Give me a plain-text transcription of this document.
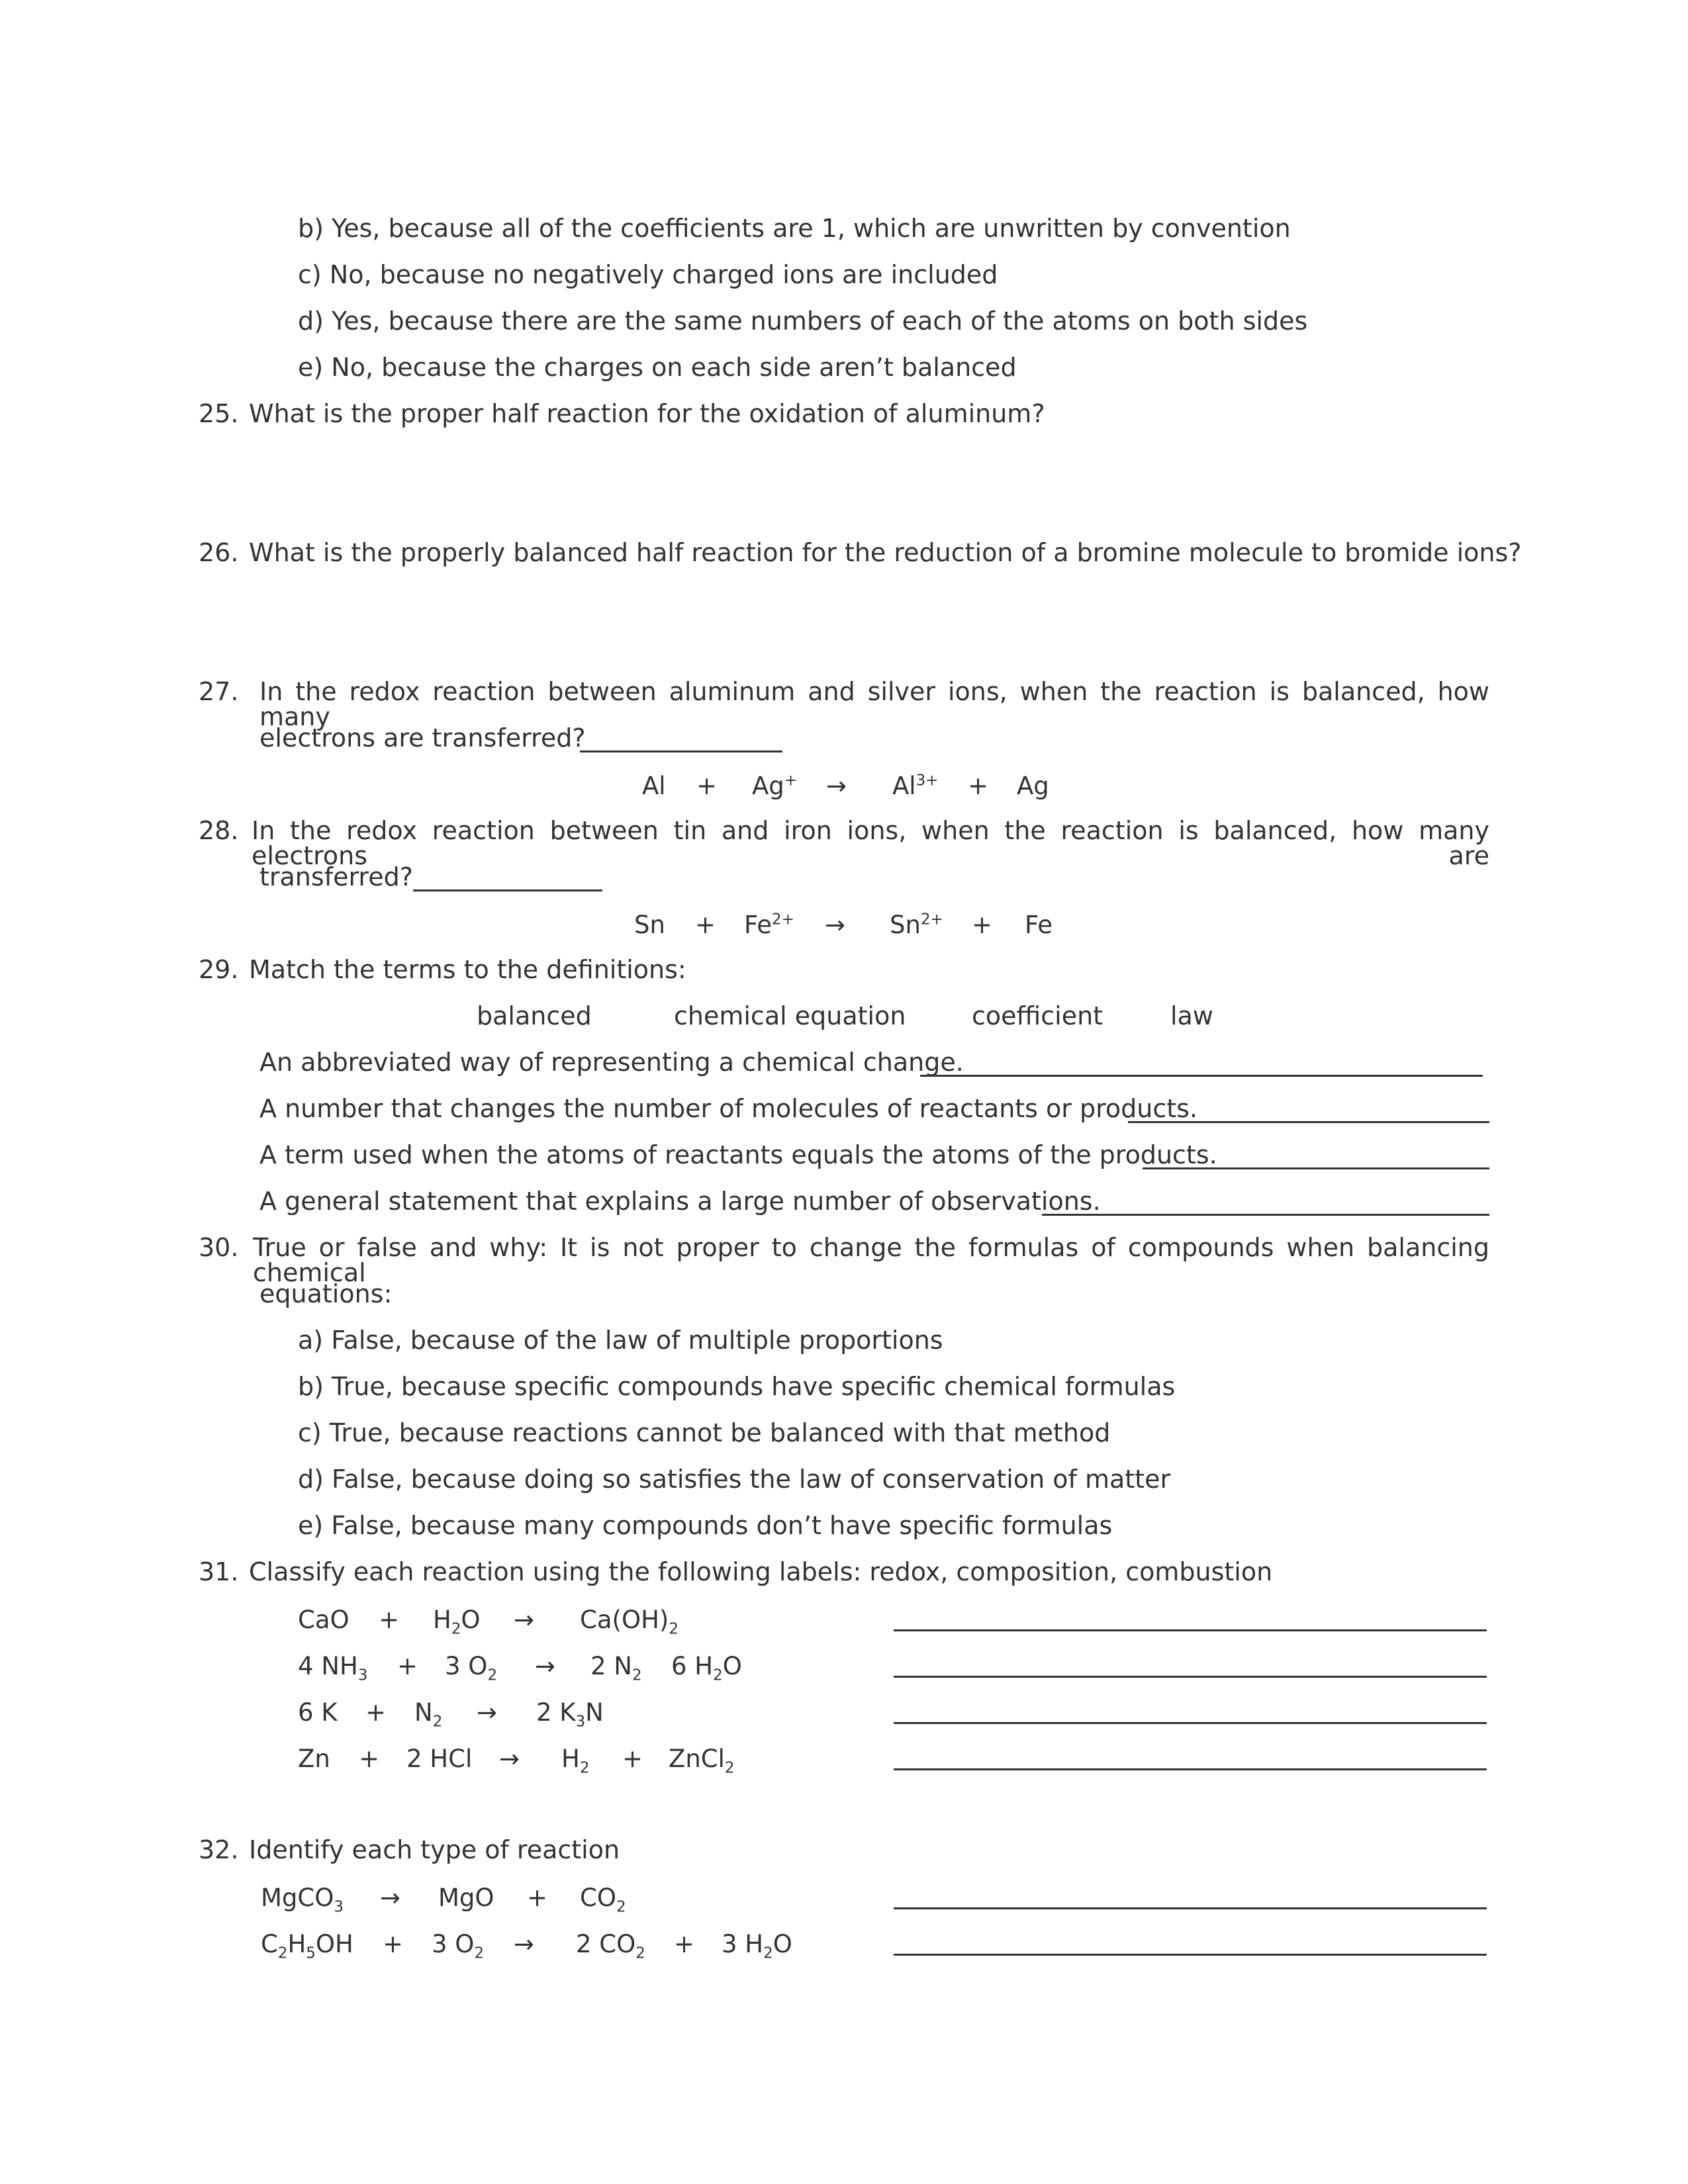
b) Yes, because all of the coefficients are 1, which are unwritten by convention
c) No, because no negatively charged ions are included
d) Yes, because there are the same numbers of each of the atoms on both sides
e) No, because the charges on each side aren’t balanced
25. What is the proper half reaction for the oxidation of aluminum?
26. What is the properly balanced half reaction for the reduction of a bromine molecule to bromide ions?
27. In the redox reaction between aluminum and silver ions, when the reaction is balanced, how many
electrons are transferred?
$Al + Ag^+ \to Al^{3+} + Ag$
28. In the redox reaction between tin and iron ions, when the reaction is balanced, how many electrons are
transferred?
$Sn + Fe^{2+} \to Sn^{2+} + Fe$
29. Match the terms to the definitions:
balanced	chemical equation	coefficient	law
An abbreviated way of representing a chemical change.
A number that changes the number of molecules of reactants or products.
A term used when the atoms of reactants equals the atoms of the products.
A general statement that explains a large number of observations.
30. True or false and why: It is not proper to change the formulas of compounds when balancing chemical
equations:
a) False, because of the law of multiple proportions
b) True, because specific compounds have specific chemical formulas
c) True, because reactions cannot be balanced with that method
d) False, because doing so satisfies the law of conservation of matter
e) False, because many compounds don’t have specific formulas
31. Classify each reaction using the following labels: redox, composition, combustion
CaO + $H_2O \to Ca(OH)_2$
4 $NH_3 + 3$ $O_2 \to 2$ $N_2$ 6 $H_2O$
6 $K + N_2 \to 2$ $K_3N$
Zn + 2 HCl → $H_2$ + ZnCl$_2$
32. Identify each type of reaction
MgCO$_3$ → MgO + $CO_2$
$C_2H_5OH + 3$ $O_2 \to 2$ $CO_2 + 3$ $H_2O$
